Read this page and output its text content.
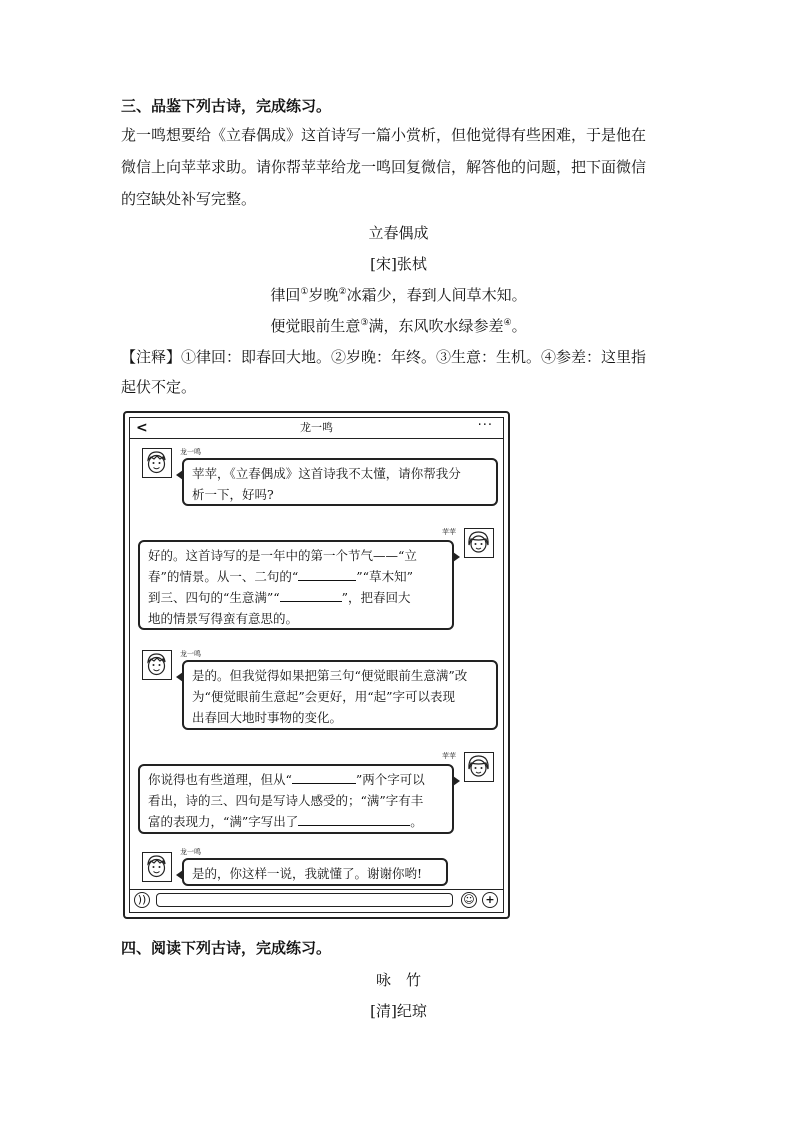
三、品鉴下列古诗，完成练习。

龙一鸣想要给《立春偶成》这首诗写一篇小赏析，但他觉得有些困难，于是他在

微信上向苹苹求助。请你帮苹苹给龙一鸣回复微信，解答他的问题，把下面微信

的空缺处补写完整。

立春偶成

[宋]张栻

律回①岁晚②冰霜少，春到人间草木知。

便觉眼前生意③满，东风吹水绿参差④。

【注释】①律回：即春回大地。②岁晚：年终。③生意：生机。④参差：这里指

起伏不定。

<	龙一鸣	···
龙一鸣
苹苹，《立春偶成》这首诗我不太懂，请你帮我分
析一下，好吗?
苹苹
好的。这首诗写的是一年中的第一个节气——“立
春”的情景。从一、二句的“	”“草木知”
到三、四句的“生意满”“	”，把春回大
地的情景写得蛮有意思的。
龙一鸣
是的。但我觉得如果把第三句“便觉眼前生意满”改
为“便觉眼前生意起”会更好，用“起”字可以表现
出春回大地时事物的变化。
苹苹
你说得也有些道理，但从“	”两个字可以
看出，诗的三、四句是写诗人感受的；“满”字有丰
富的表现力，“满”字写出了	。
龙一鸣
是的，你这样一说，我就懂了。谢谢你哟!
))	☺ +

四、阅读下列古诗，完成练习。

咏　竹

[清]纪琼
